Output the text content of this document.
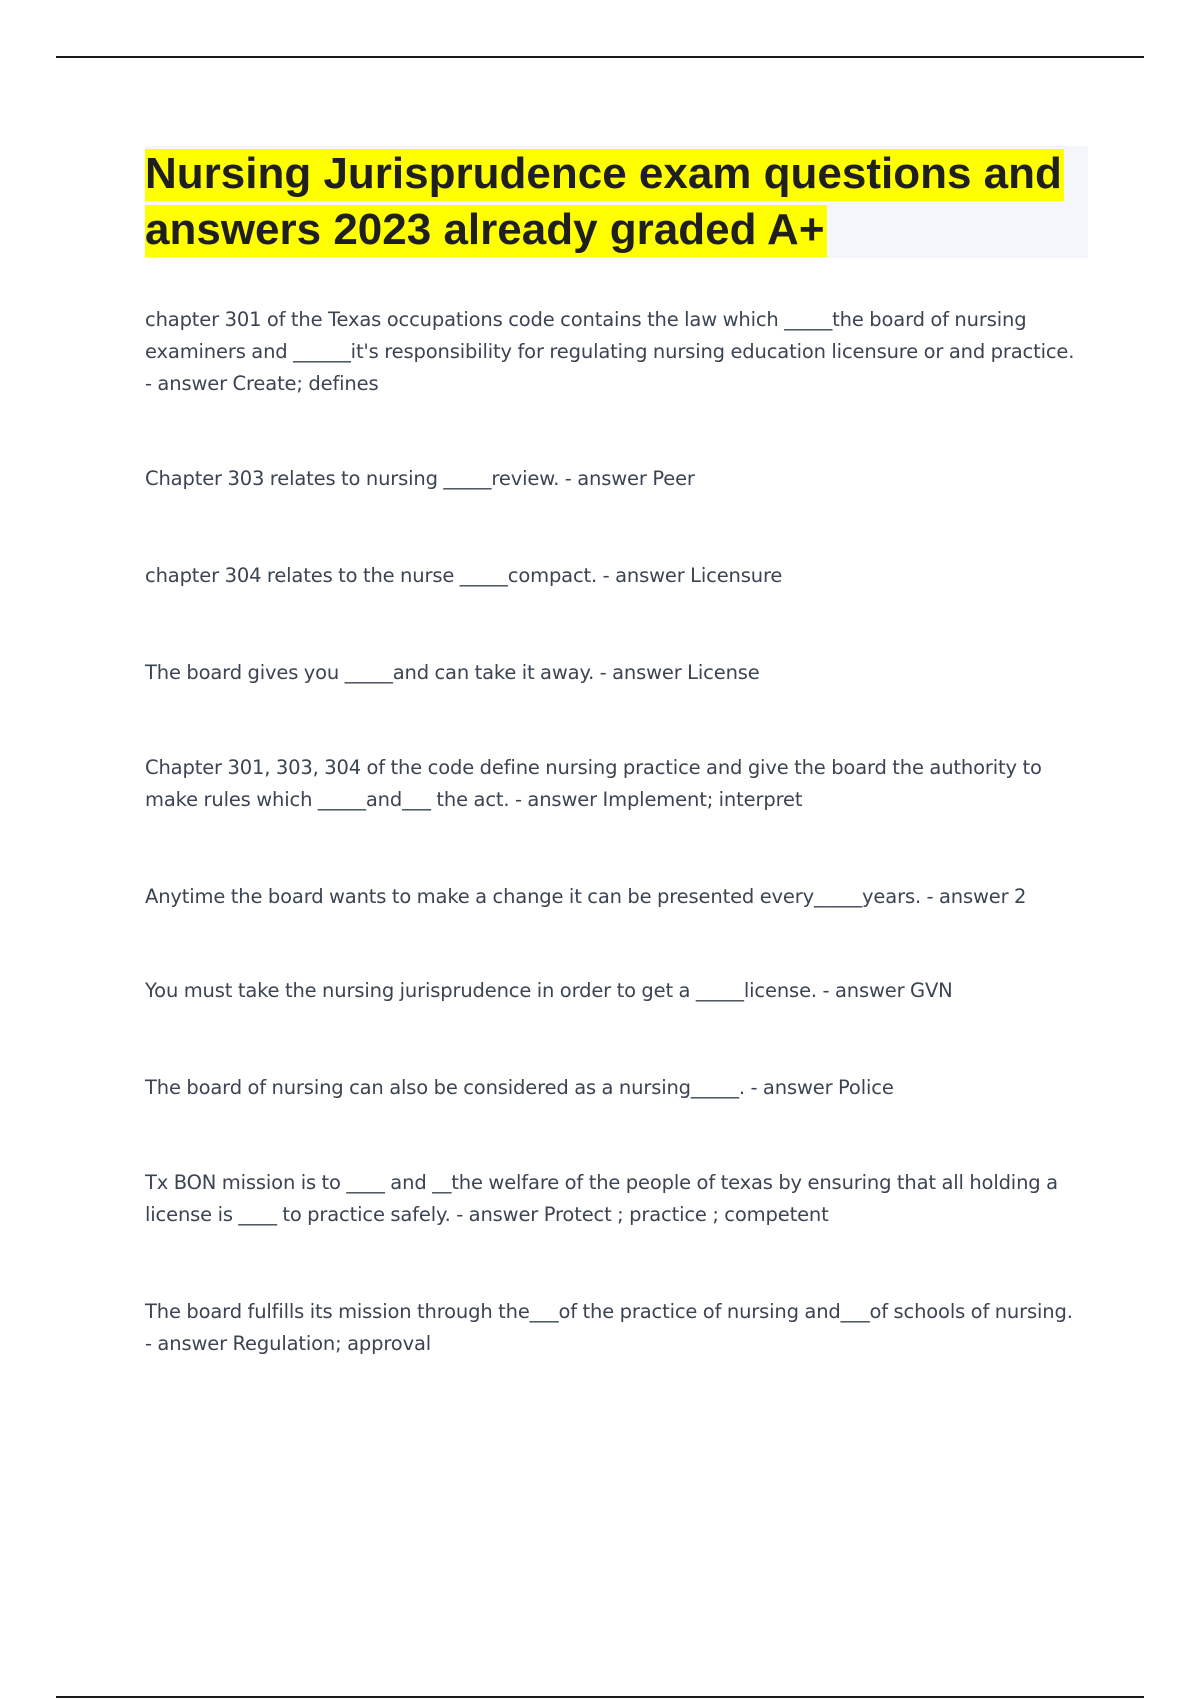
Nursing Jurisprudence exam questions and answers 2023 already graded A+

chapter 301 of the Texas occupations code contains the law which _____the board of nursing examiners and ______it's responsibility for regulating nursing education licensure or and practice. - answer Create; defines

Chapter 303 relates to nursing _____review. - answer Peer

chapter 304 relates to the nurse _____compact. - answer Licensure

The board gives you _____and can take it away. - answer License

Chapter 301, 303, 304 of the code define nursing practice and give the board the authority to make rules which _____and___ the act. - answer Implement; interpret

Anytime the board wants to make a change it can be presented every_____years. - answer 2

You must take the nursing jurisprudence in order to get a _____license. - answer GVN

The board of nursing can also be considered as a nursing_____. - answer Police

Tx BON mission is to ____ and __the welfare of the people of texas by ensuring that all holding a license is ____ to practice safely. - answer Protect ; practice ; competent

The board fulfills its mission through the___of the practice of nursing and___of schools of nursing. - answer Regulation; approval
